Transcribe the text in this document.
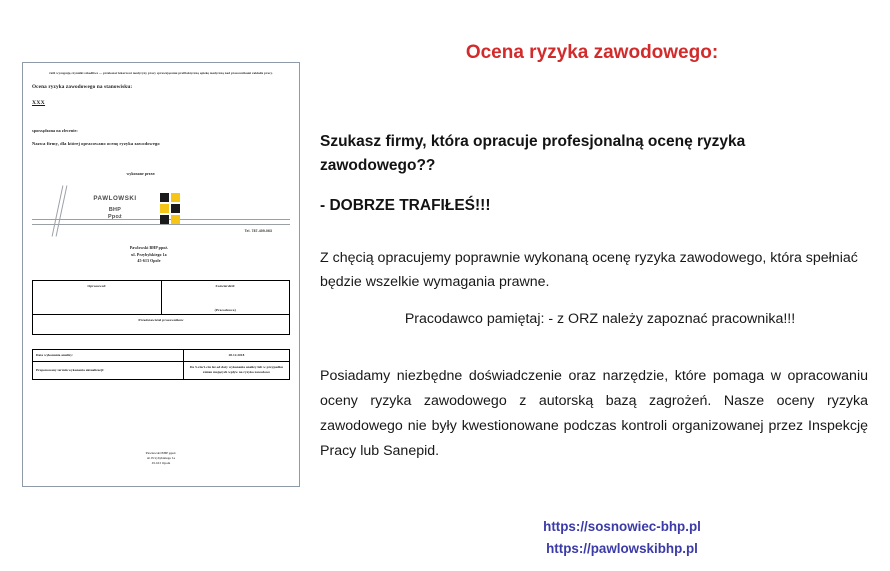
Jeśli występują czynniki szkodliwe — przekazać lekarzowi medycyny pracy sprawującemu profilaktyczną opiekę medyczną nad pracownikami zakładu pracy.
Ocena ryzyka zawodowego na stanowisku:
XXX
sporządzona na zlecenie:
Nazwa firmy, dla której opracowano ocenę ryzyka zawodowego
wykonane przez:
PAWLOWSKI
BHP
Ppoż
Tel. 787-409-063
Pawlowski BHP ppoż.
ul. Przybylskiego 1a
45-613 Opole
Opracował:	Zatwierdził:
(Pracodawca)

Przedstawiciel pracowników
Data wykonania analizy:	28.12.2018
Proponowany termin wykonania aktualizacji:	Do 5-ciu/1-ciu lat od daty wykonania analizy lub w przypadku zmian mających wpływ na ryzyko zawodowe
Pawlowski BHP ppoż.
ul. Przybylskiego 1a
45-613 Opole
Ocena ryzyka zawodowego:
Szukasz firmy, która opracuje profesjonalną ocenę ryzyka zawodowego??
- DOBRZE TRAFIŁEŚ!!!
Z chęcią opracujemy poprawnie wykonaną ocenę ryzyka zawodowego, która spełniać będzie wszelkie wymagania prawne.
Pracodawco pamiętaj: - z ORZ należy zapoznać pracownika!!!
Posiadamy niezbędne doświadczenie oraz narzędzie, które pomaga w opracowaniu oceny ryzyka zawodowego z autorską bazą zagrożeń. Nasze oceny ryzyka zawodowego nie były kwestionowane podczas kontroli organizowanej przez Inspekcję Pracy lub Sanepid.
https://sosnowiec-bhp.pl
https://pawlowskibhp.pl
